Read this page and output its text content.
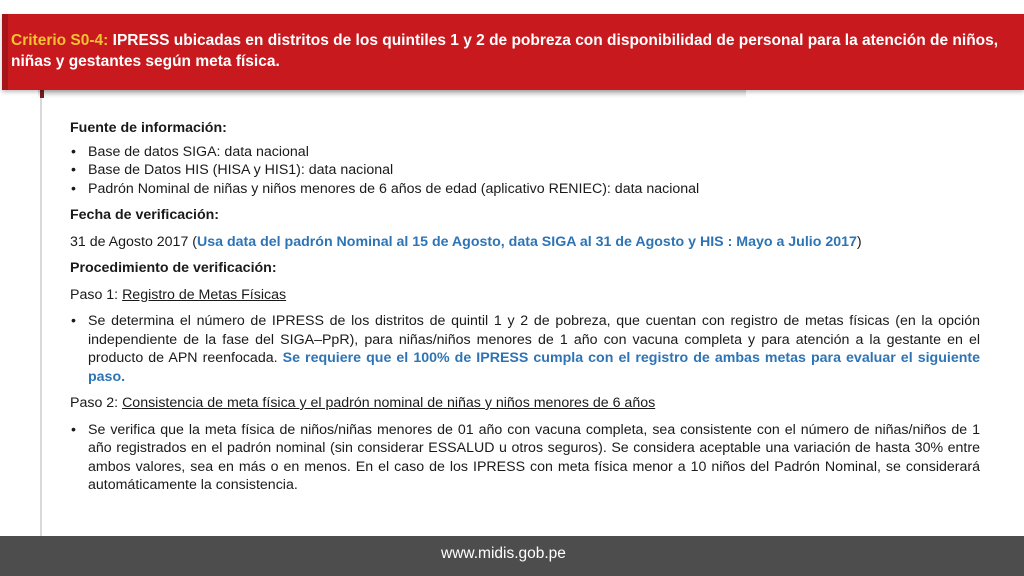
Criterio S0-4: IPRESS ubicadas en distritos de los quintiles 1 y 2 de pobreza con disponibilidad de personal para la atención de niños, niñas y gestantes según meta física.

Fuente de información:

• Base de datos SIGA: data nacional
• Base de Datos HIS (HISA y HIS1): data nacional
• Padrón Nominal de niñas y niños menores de 6 años de edad (aplicativo RENIEC): data nacional

Fecha de verificación:

31 de Agosto 2017 (Usa data del padrón Nominal al 15 de Agosto, data SIGA al 31 de Agosto y HIS : Mayo a Julio 2017)

Procedimiento de verificación:

Paso 1: Registro de Metas Físicas

• Se determina el número de IPRESS de los distritos de quintil 1 y 2 de pobreza, que cuentan con registro de metas físicas (en la opción independiente de la fase del SIGA–PpR), para niñas/niños menores de 1 año con vacuna completa y para atención a la gestante en el producto de APN reenfocada. Se requiere que el 100% de IPRESS cumpla con el registro de ambas metas para evaluar el siguiente paso.

Paso 2: Consistencia de meta física y el padrón nominal de niñas y niños menores de 6 años

• Se verifica que la meta física de niños/niñas menores de 01 año con vacuna completa, sea consistente con el número de niñas/niños de 1 año registrados en el padrón nominal (sin considerar ESSALUD u otros seguros). Se considera aceptable una variación de hasta 30% entre ambos valores, sea en más o en menos. En el caso de los IPRESS con meta física menor a 10 niños del Padrón Nominal, se considerará automáticamente la consistencia.
www.midis.gob.pe
